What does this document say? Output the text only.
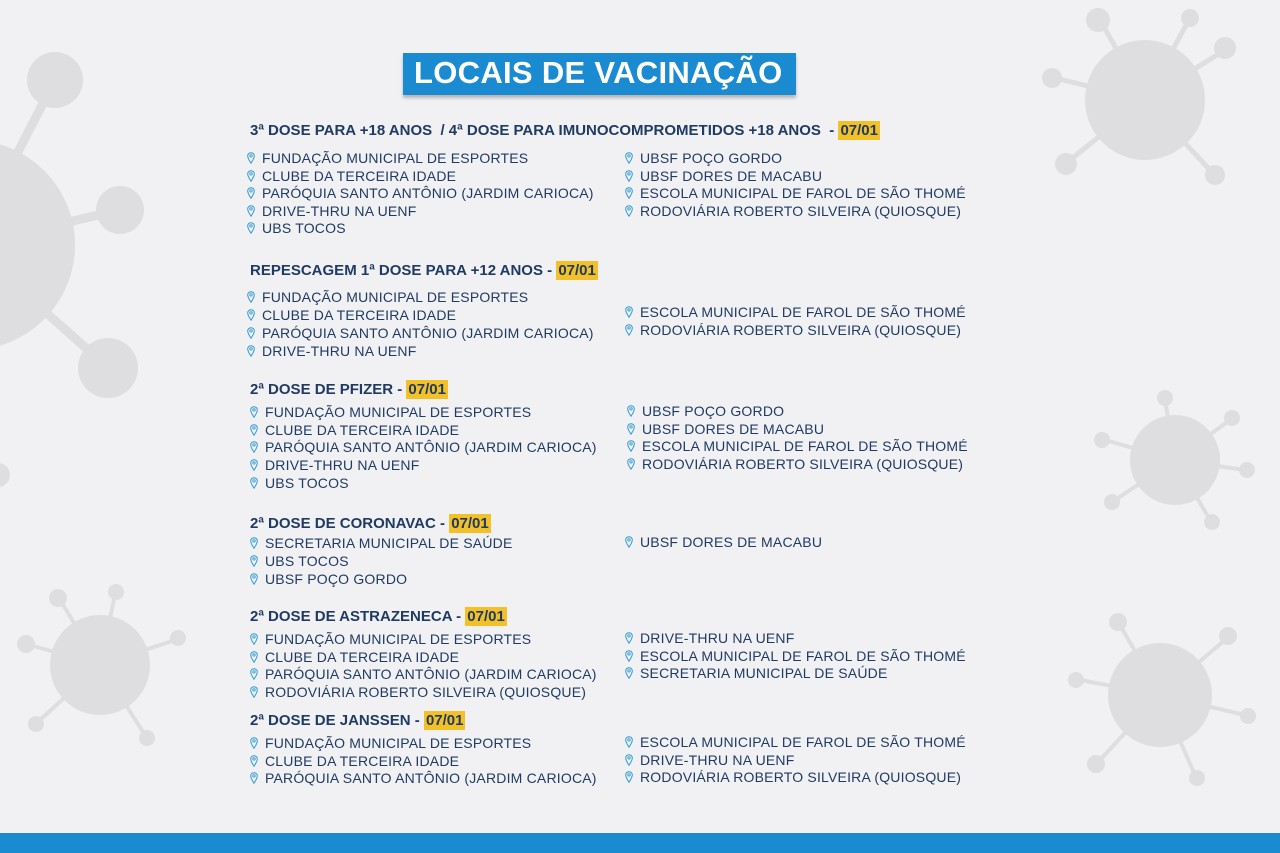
LOCAIS DE VACINAÇÃO
3ª DOSE PARA +18 ANOS  / 4ª DOSE PARA IMUNOCOMPROMETIDOS +18 ANOS  - 07/01
FUNDAÇÃO MUNICIPAL DE ESPORTES
CLUBE DA TERCEIRA IDADE
PARÓQUIA SANTO ANTÔNIO (JARDIM CARIOCA)
DRIVE-THRU NA UENF
UBS TOCOS
UBSF POÇO GORDO
UBSF DORES DE MACABU
ESCOLA MUNICIPAL DE FAROL DE SÃO THOMÉ
RODOVIÁRIA ROBERTO SILVEIRA (QUIOSQUE)
REPESCAGEM 1ª DOSE PARA +12 ANOS - 07/01
FUNDAÇÃO MUNICIPAL DE ESPORTES
CLUBE DA TERCEIRA IDADE
PARÓQUIA SANTO ANTÔNIO (JARDIM CARIOCA)
DRIVE-THRU NA UENF
ESCOLA MUNICIPAL DE FAROL DE SÃO THOMÉ
RODOVIÁRIA ROBERTO SILVEIRA (QUIOSQUE)
2ª DOSE DE PFIZER - 07/01
FUNDAÇÃO MUNICIPAL DE ESPORTES
CLUBE DA TERCEIRA IDADE
PARÓQUIA SANTO ANTÔNIO (JARDIM CARIOCA)
DRIVE-THRU NA UENF
UBS TOCOS
UBSF POÇO GORDO
UBSF DORES DE MACABU
ESCOLA MUNICIPAL DE FAROL DE SÃO THOMÉ
RODOVIÁRIA ROBERTO SILVEIRA (QUIOSQUE)
2ª DOSE DE CORONAVAC - 07/01
SECRETARIA MUNICIPAL DE SAÚDE
UBS TOCOS
UBSF POÇO GORDO
UBSF DORES DE MACABU
2ª DOSE DE ASTRAZENECA - 07/01
FUNDAÇÃO MUNICIPAL DE ESPORTES
CLUBE DA TERCEIRA IDADE
PARÓQUIA SANTO ANTÔNIO (JARDIM CARIOCA)
RODOVIÁRIA ROBERTO SILVEIRA (QUIOSQUE)
DRIVE-THRU NA UENF
ESCOLA MUNICIPAL DE FAROL DE SÃO THOMÉ
SECRETARIA MUNICIPAL DE SAÚDE
2ª DOSE DE JANSSEN - 07/01
FUNDAÇÃO MUNICIPAL DE ESPORTES
CLUBE DA TERCEIRA IDADE
PARÓQUIA SANTO ANTÔNIO (JARDIM CARIOCA)
ESCOLA MUNICIPAL DE FAROL DE SÃO THOMÉ
DRIVE-THRU NA UENF
RODOVIÁRIA ROBERTO SILVEIRA (QUIOSQUE)
